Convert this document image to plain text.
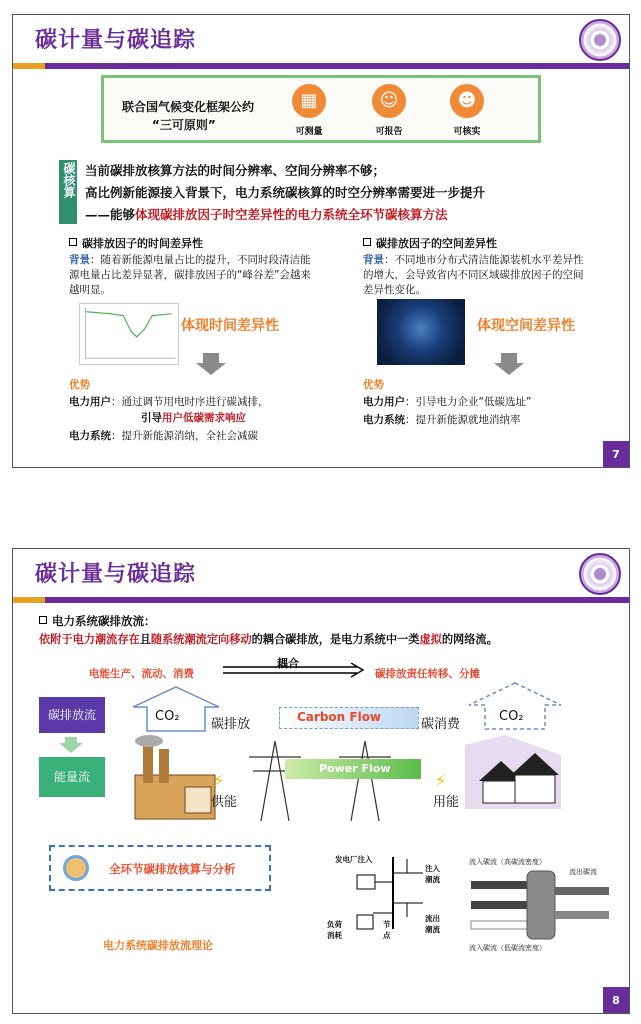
碳计量与碳追踪
联合国气候变化框架公约
“三可原则”
▦
可测量
☺
可报告
☻
可核实
碳核算 当前碳排放核算方法的时间分辨率、空间分辨率不够；
高比例新能源接入背景下，电力系统碳核算的时空分辨率需要进一步提升
——能够体现碳排放因子时空差异性的电力系统全环节碳核算方法
碳排放因子的时间差异性
背景：随着新能源电量占比的提升，不同时段清洁能源电量占比差异显著，碳排放因子的“峰谷差”会越来越明显。
体现时间差异性
优势
电力用户：通过调节用电时序进行碳减排，
引导用户低碳需求响应
电力系统：提升新能源消纳，全社会减碳
碳排放因子的空间差异性
背景：不同地市分布式清洁能源装机水平差异性的增大，会导致省内不同区域碳排放因子的空间差异性变化。
体现空间差异性
优势
电力用户：引导电力企业“低碳选址”
电力系统：提升新能源就地消纳率
7
碳计量与碳追踪
电力系统碳排放流：
依附于电力潮流存在且随系统潮流定向移动的耦合碳排放，是电力系统中一类虚拟的网络流。
电能生产、流动、消费
耦合
碳排放责任转移、分摊
碳排放流
能量流
CO₂
碳排放	Carbon Flow	碳消费
CO₂
⚡
供能
Power Flow
⚡
用能
全环节碳排放核算与分析
电力系统碳排放流理论
发电厂注入
注入潮流
节点
流出潮流
负荷消耗
流入碳流（高碳流密度）
流出碳流
流入碳流（低碳流密度）
8
